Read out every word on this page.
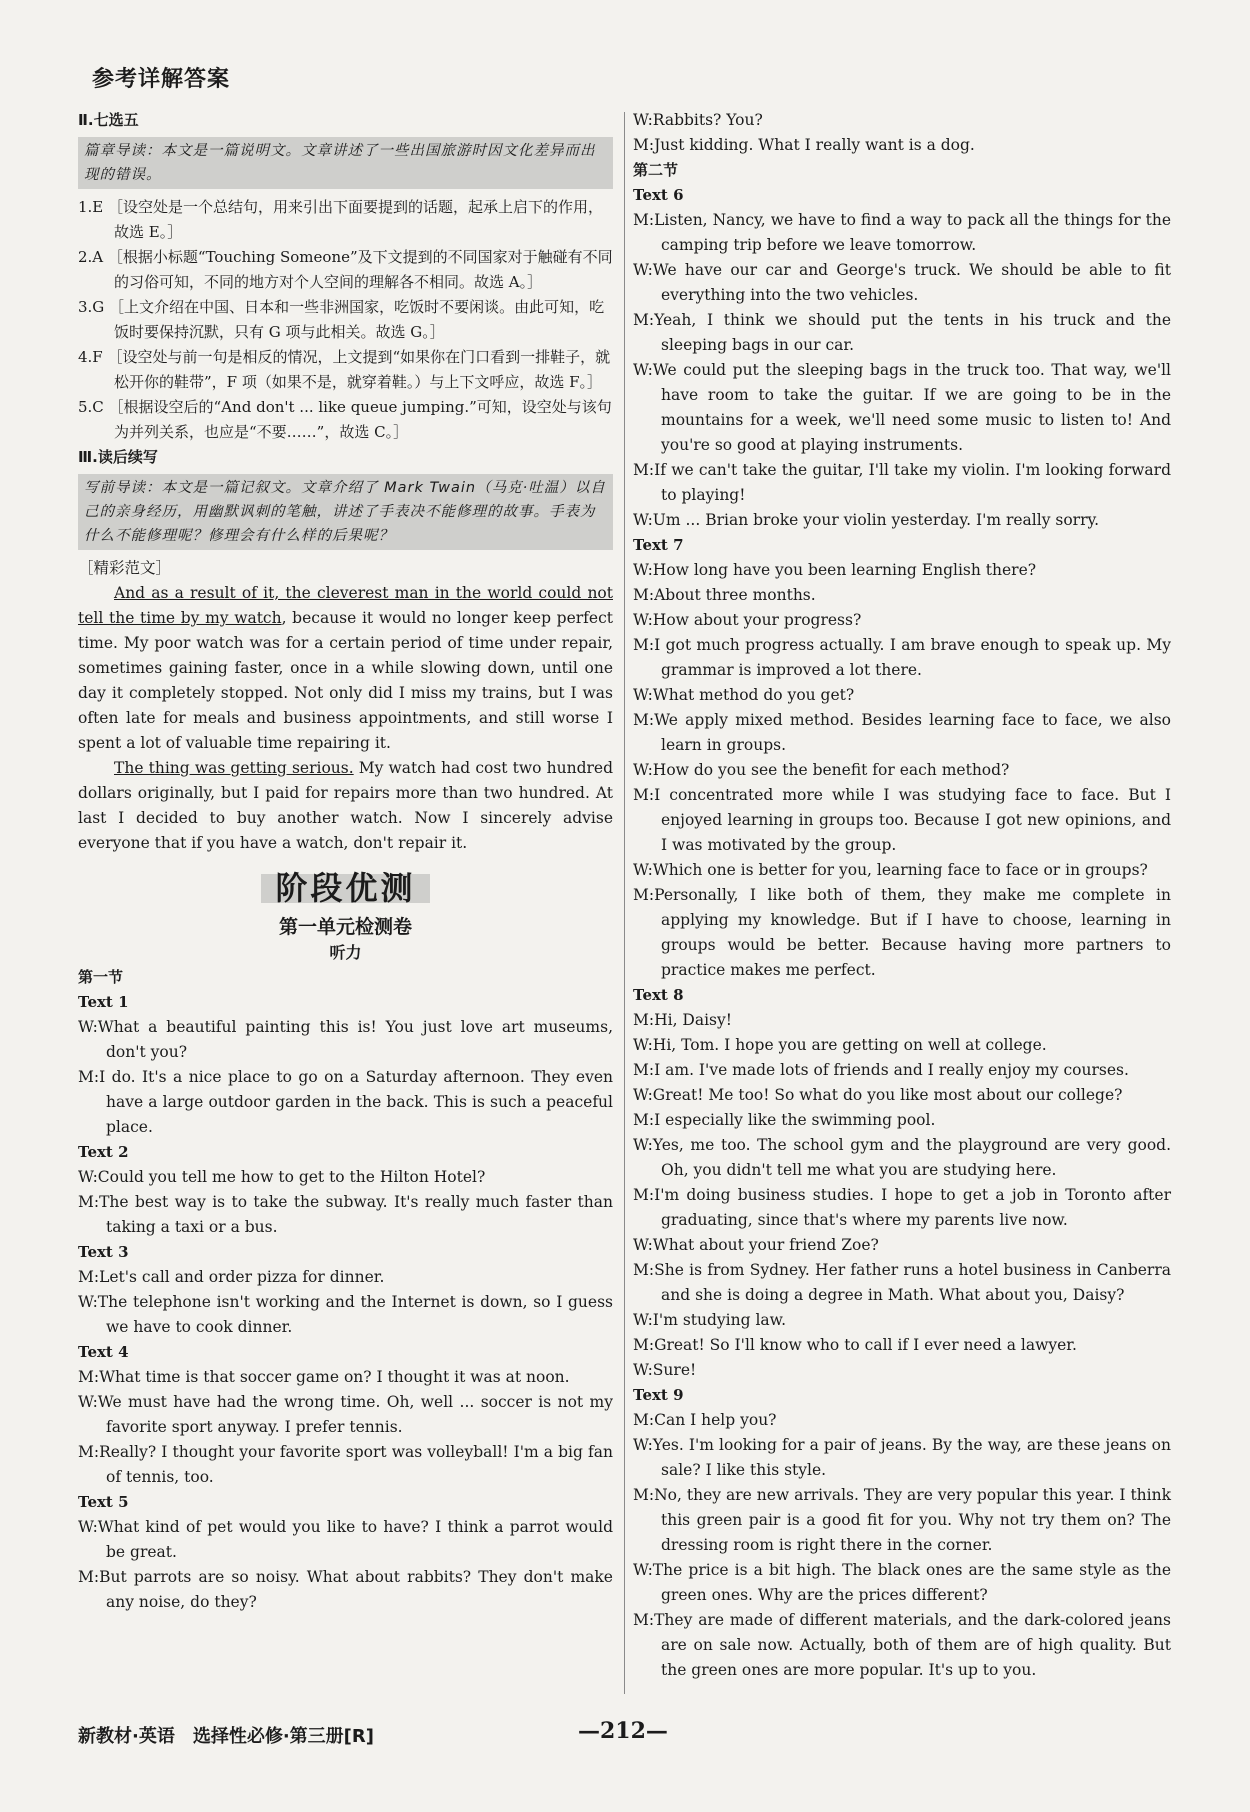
参考详解答案
Ⅱ.七选五
篇章导读：本文是一篇说明文。文章讲述了一些出国旅游时因文化差异而出现的错误。
1.E ［设空处是一个总结句，用来引出下面要提到的话题，起承上启下的作用，故选 E。］
2.A ［根据小标题“Touching Someone”及下文提到的不同国家对于触碰有不同的习俗可知，不同的地方对个人空间的理解各不相同。故选 A。］
3.G ［上文介绍在中国、日本和一些非洲国家，吃饭时不要闲谈。由此可知，吃饭时要保持沉默，只有 G 项与此相关。故选 G。］
4.F ［设空处与前一句是相反的情况，上文提到“如果你在门口看到一排鞋子，就松开你的鞋带”，F 项（如果不是，就穿着鞋。）与上下文呼应，故选 F。］
5.C ［根据设空后的“And don't ... like queue jumping.”可知，设空处与该句为并列关系，也应是“不要……”，故选 C。］
Ⅲ.读后续写
写前导读：本文是一篇记叙文。文章介绍了 Mark Twain（马克·吐温）以自己的亲身经历，用幽默讽刺的笔触，讲述了手表决不能修理的故事。手表为什么不能修理呢？修理会有什么样的后果呢？
［精彩范文］

And as a result of it, the cleverest man in the world could not tell the time by my watch, because it would no longer keep perfect time. My poor watch was for a certain period of time under repair, sometimes gaining faster, once in a while slowing down, until one day it completely stopped. Not only did I miss my trains, but I was often late for meals and business appointments, and still worse I spent a lot of valuable time repairing it.

The thing was getting serious. My watch had cost two hundred dollars originally, but I paid for repairs more than two hundred. At last I decided to buy another watch. Now I sincerely advise everyone that if you have a watch, don't repair it.

阶段优测
第一单元检测卷
听力
第一节
Text 1
W:What a beautiful painting this is! You just love art museums, don't you?
M:I do. It's a nice place to go on a Saturday afternoon. They even have a large outdoor garden in the back. This is such a peaceful place.
Text 2
W:Could you tell me how to get to the Hilton Hotel?
M:The best way is to take the subway. It's really much faster than taking a taxi or a bus.
Text 3
M:Let's call and order pizza for dinner.
W:The telephone isn't working and the Internet is down, so I guess we have to cook dinner.
Text 4
M:What time is that soccer game on? I thought it was at noon.
W:We must have had the wrong time. Oh, well ... soccer is not my favorite sport anyway. I prefer tennis.
M:Really? I thought your favorite sport was volleyball! I'm a big fan of tennis, too.
Text 5
W:What kind of pet would you like to have? I think a parrot would be great.
M:But parrots are so noisy. What about rabbits? They don't make any noise, do they?
W:Rabbits? You?
M:Just kidding. What I really want is a dog.
第二节
Text 6
M:Listen, Nancy, we have to find a way to pack all the things for the camping trip before we leave tomorrow.
W:We have our car and George's truck. We should be able to fit everything into the two vehicles.
M:Yeah, I think we should put the tents in his truck and the sleeping bags in our car.
W:We could put the sleeping bags in the truck too. That way, we'll have room to take the guitar. If we are going to be in the mountains for a week, we'll need some music to listen to! And you're so good at playing instruments.
M:If we can't take the guitar, I'll take my violin. I'm looking forward to playing!
W:Um ... Brian broke your violin yesterday. I'm really sorry.
Text 7
W:How long have you been learning English there?
M:About three months.
W:How about your progress?
M:I got much progress actually. I am brave enough to speak up. My grammar is improved a lot there.
W:What method do you get?
M:We apply mixed method. Besides learning face to face, we also learn in groups.
W:How do you see the benefit for each method?
M:I concentrated more while I was studying face to face. But I enjoyed learning in groups too. Because I got new opinions, and I was motivated by the group.
W:Which one is better for you, learning face to face or in groups?
M:Personally, I like both of them, they make me complete in applying my knowledge. But if I have to choose, learning in groups would be better. Because having more partners to practice makes me perfect.
Text 8
M:Hi, Daisy!
W:Hi, Tom. I hope you are getting on well at college.
M:I am. I've made lots of friends and I really enjoy my courses.
W:Great! Me too! So what do you like most about our college?
M:I especially like the swimming pool.
W:Yes, me too. The school gym and the playground are very good. Oh, you didn't tell me what you are studying here.
M:I'm doing business studies. I hope to get a job in Toronto after graduating, since that's where my parents live now.
W:What about your friend Zoe?
M:She is from Sydney. Her father runs a hotel business in Canberra and she is doing a degree in Math. What about you, Daisy?
W:I'm studying law.
M:Great! So I'll know who to call if I ever need a lawyer.
W:Sure!
Text 9
M:Can I help you?
W:Yes. I'm looking for a pair of jeans. By the way, are these jeans on sale? I like this style.
M:No, they are new arrivals. They are very popular this year. I think this green pair is a good fit for you. Why not try them on? The dressing room is right there in the corner.
W:The price is a bit high. The black ones are the same style as the green ones. Why are the prices different?
M:They are made of different materials, and the dark-colored jeans are on sale now. Actually, both of them are of high quality. But the green ones are more popular. It's up to you.
新教材·英语　选择性必修·第三册[R]	—212—
